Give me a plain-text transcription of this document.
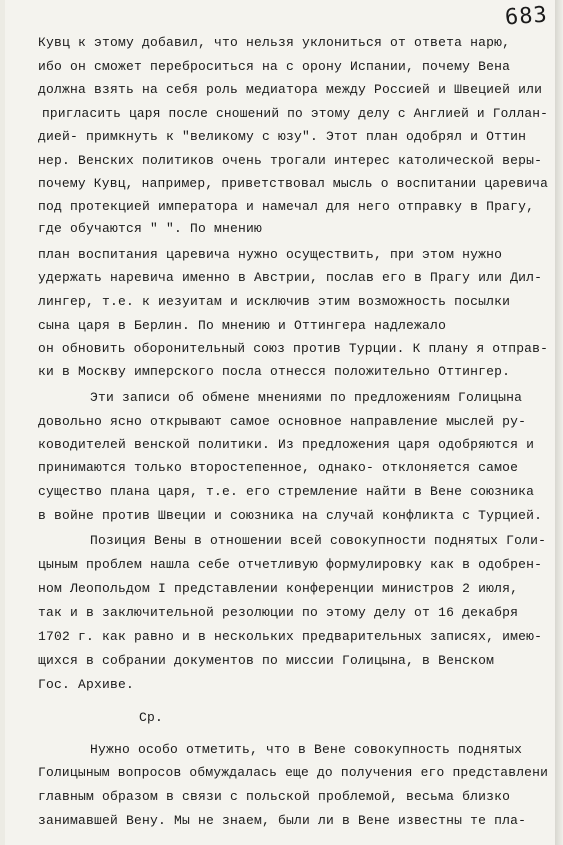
683
Кувц к этому добавил, что нельзя уклониться от ответа нарю,
ибо он сможет переброситься на с орону Испании, почему Вена
должна взять на себя роль медиатора между Россией и Швецией или
пригласить царя после сношений по этому делу с Англией и Голлан-
дией- примкнуть к "великому с юзу". Этот план одобрял и Оттин
нер. Венских политиков очень трогали интерес католической веры-
почему Кувц, например, приветствовал мысль о воспитании царевича
под протекцией императора и намечал для него отправку в Прагу,
где обучаются " ". По мнению
план воспитания царевича нужно осуществить, при этом нужно
удержать наревича именно в Австрии, послав его в Прагу или Дил-
лингер, т.е. к иезуитам и исключив этим возможность посылки
сына царя в Берлин. По мнению и Оттингера надлежало
он обновить оборонительный союз против Турции. К плану я отправ-
ки в Москву имперского посла отнесся положительно Оттингер.
Эти записи об обмене мнениями по предложениям Голицына
довольно ясно открывают самое основное направление мыслей ру-
ководителей венской политики. Из предложения царя одобряются и
принимаются только второстепенное, однако- отклоняется самое
существо плана царя, т.е. его стремление найти в Вене союзника
в войне против Швеции и союзника на случай конфликта с Турцией.
Позиция Вены в отношении всей совокупности поднятых Голи-
цыным проблем нашла себе отчетливую формулировку как в одобрен-
ном Леопольдом I представлении конференции министров 2 июля,
так и в заключительной резолюции по этому делу от 16 декабря
1702 г. как равно и в нескольких предварительных записях, имею-
щихся в собрании документов по миссии Голицына, в Венском
Гос. Архиве.
Ср.
Нужно особо отметить, что в Вене совокупность поднятых
Голицыным вопросов обмуждалась еще до получения его представлени
главным образом в связи с польской проблемой, весьма близко
занимавшей Вену. Мы не знаем, были ли в Вене известны те пла-
